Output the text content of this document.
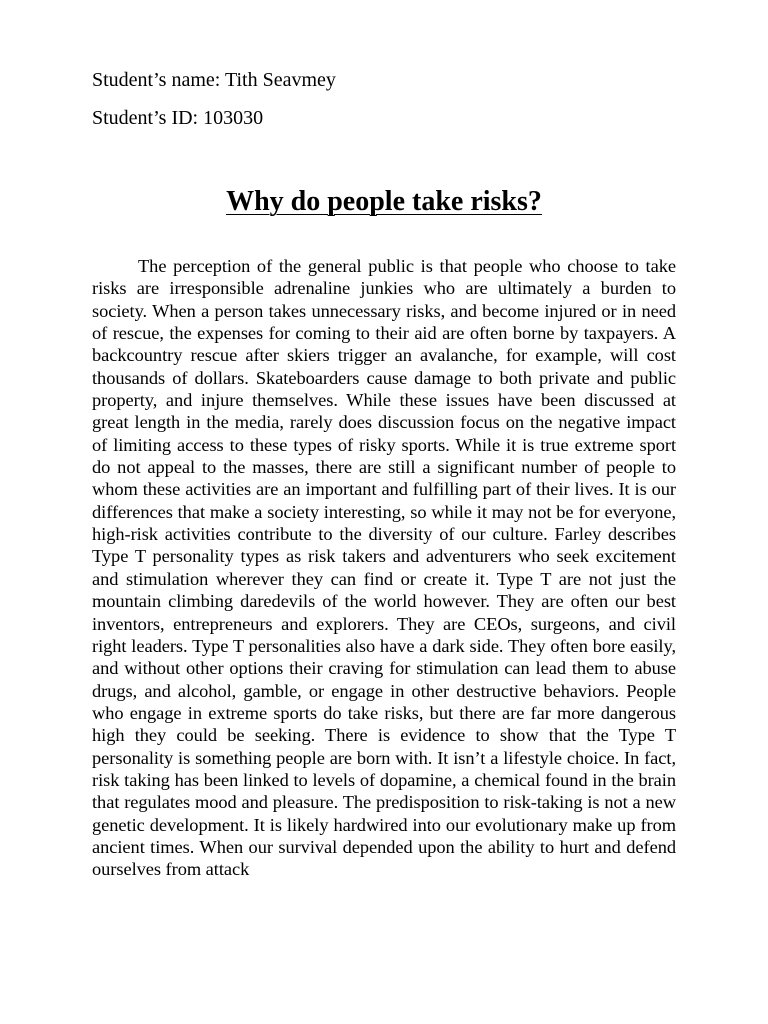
Student’s name: Tith Seavmey

Student’s ID: 103030

Why do people take risks?

The perception of the general public is that people who choose to take risks are irresponsible adrenaline junkies who are ultimately a burden to society. When a person takes unnecessary risks, and become injured or in need of rescue, the expenses for coming to their aid are often borne by taxpayers. A backcountry rescue after skiers trigger an avalanche, for example, will cost thousands of dollars. Skateboarders cause damage to both private and public property, and injure themselves. While these issues have been discussed at great length in the media, rarely does discussion focus on the negative impact of limiting access to these types of risky sports. While it is true extreme sport do not appeal to the masses, there are still a significant number of people to whom these activities are an important and fulfilling part of their lives. It is our differences that make a society interesting, so while it may not be for everyone, high-risk activities contribute to the diversity of our culture. Farley describes Type T personality types as risk takers and adventurers who seek excitement and stimulation wherever they can find or create it. Type T are not just the mountain climbing daredevils of the world however. They are often our best inventors, entrepreneurs and explorers. They are CEOs, surgeons, and civil right leaders. Type T personalities also have a dark side. They often bore easily, and without other options their craving for stimulation can lead them to abuse drugs, and alcohol, gamble, or engage in other destructive behaviors. People who engage in extreme sports do take risks, but there are far more dangerous high they could be seeking. There is evidence to show that the Type T personality is something people are born with. It isn’t a lifestyle choice. In fact, risk taking has been linked to levels of dopamine, a chemical found in the brain that regulates mood and pleasure. The predisposition to risk-taking is not a new genetic development. It is likely hardwired into our evolutionary make up from ancient times. When our survival depended upon the ability to hurt and defend ourselves from attack
